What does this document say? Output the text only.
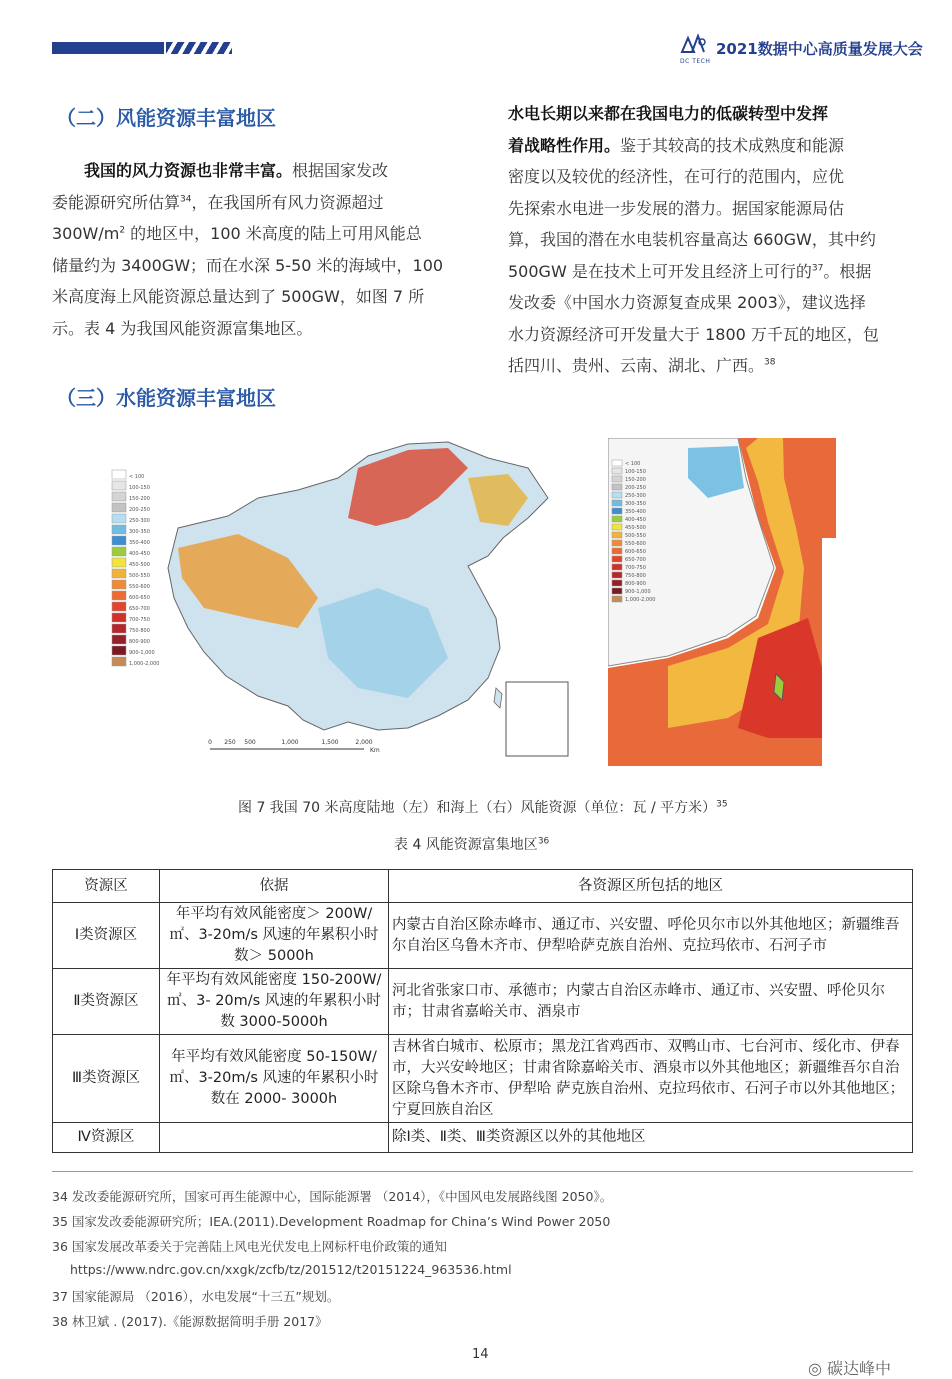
DC TECH
2021数据中心高质量发展大会
（二）风能资源丰富地区

我国的风力资源也非常丰富。根据国家发改

委能源研究所估算$^{34}$，在我国所有风力资源超过

$300W/m^2$ 的地区中，100 米高度的陆上可用风能总

储量约为 3400GW；而在水深 5-50 米的海域中，100

米高度海上风能资源总量达到了 500GW，如图 7 所

示。表 4 为我国风能资源富集地区。

（三）水能资源丰富地区

水电长期以来都在我国电力的低碳转型中发挥

着战略性作用。鉴于其较高的技术成熟度和能源

密度以及较优的经济性，在可行的范围内，应优

先探索水电进一步发展的潜力。据国家能源局估

算，我国的潜在水电装机容量高达 660GW，其中约

500GW 是在技术上可开发且经济上可行的$^{37}$。根据

发改委《中国水力资源复查成果 2003》，建议选择

水力资源经济可开发量大于 1800 万千瓦的地区，包

括四川、贵州、云南、湖北、广西。$^{38}$

< 100
100-150
150-200
200-250
250-300
300-350
350-400
400-450
450-500
500-550
550-600
600-650
650-700
700-750
750-800
800-900
900-1,000
1,000-2,000
0 250 500	1,000	1,500	2,000
Km
< 100
100-150
150-200
200-250
250-300
300-350
350-400
400-450
450-500
500-550
550-600
600-650
650-700
700-750
750-800
800-900
900-1,000
1,000-2,000
图 7 我国 70 米高度陆地（左）和海上（右）风能资源（单位：瓦 / 平方米）$^{35}$
表 4 风能资源富集地区$^{36}$
资源区	依据	各资源区所包括的地区
Ⅰ类资源区	年平均有效风能密度＞ 200W/ ㎡、3-20m/s 风速的年累积小时数＞ 5000h	内蒙古自治区除赤峰市、通辽市、兴安盟、呼伦贝尔市以外其他地区；新疆维吾尔自治区乌鲁木齐市、伊犁哈萨克族自治州、克拉玛依市、石河子市
Ⅱ类资源区	年平均有效风能密度 150-200W/ ㎡、3- 20m/s 风速的年累积小时数 3000-5000h	河北省张家口市、承德市；内蒙古自治区赤峰市、通辽市、兴安盟、呼伦贝尔市；甘肃省嘉峪关市、酒泉市
Ⅲ类资源区	年平均有效风能密度 50-150W/ ㎡、3-20m/s 风速的年累积小时数在 2000- 3000h	吉林省白城市、松原市；黑龙江省鸡西市、双鸭山市、七台河市、绥化市、伊春市，大兴安岭地区；甘肃省除嘉峪关市、酒泉市以外其他地区；新疆维吾尔自治区除乌鲁木齐市、伊犁哈 萨克族自治州、克拉玛依市、石河子市以外其他地区；宁夏回族自治区
Ⅳ资源区		除Ⅰ类、Ⅱ类、Ⅲ类资源区以外的其他地区
34 发改委能源研究所，国家可再生能源中心，国际能源署 （2014），《中国风电发展路线图 2050》。
35 国家发改委能源研究所；IEA.(2011).Development Roadmap for China’s Wind Power 2050
36 国家发展改革委关于完善陆上风电光伏发电上网标杆电价政策的通知
https://www.ndrc.gov.cn/xxgk/zcfb/tz/201512/t20151224_963536.html
37 国家能源局 （2016），水电发展“十三五”规划。
38 林卫斌 . (2017).《能源数据简明手册 2017》
14
◎ 碳达峰中
